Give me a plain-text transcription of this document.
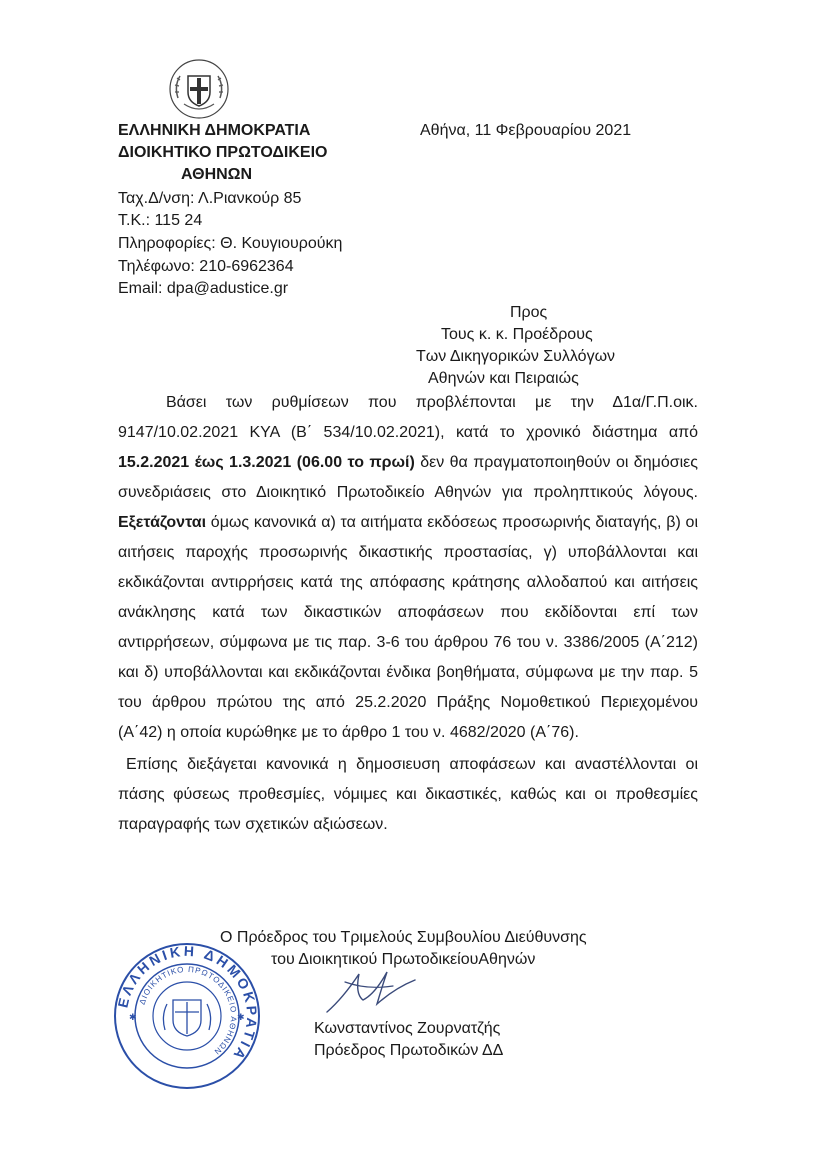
ΕΛΛΗΝΙΚΗ ΔΗΜΟΚΡΑΤΙΑ
ΔΙΟΙΚΗΤΙΚΟ ΠΡΩΤΟΔΙΚΕΙΟ
ΑΘΗΝΩΝ
Ταχ.Δ/νση: Λ.Ριανκούρ 85
Τ.Κ.: 115 24
Πληροφορίες: Θ. Κουγιουρούκη
Τηλέφωνο: 210-6962364
Email: dpa@adustice.gr
Αθήνα, 11 Φεβρουαρίου 2021
Προς
Τους κ. κ. Προέδρους
Των Δικηγορικών Συλλόγων
Αθηνών και Πειραιώς

Βάσει των ρυθμίσεων που προβλέπονται με την Δ1α/Γ.Π.οικ. 9147/10.02.2021 ΚΥΑ (Β΄ 534/10.02.2021), κατά το χρονικό διάστημα από 15.2.2021 έως 1.3.2021 (06.00 το πρωί) δεν θα πραγματοποιηθούν οι δημόσιες συνεδριάσεις στο Διοικητικό Πρωτοδικείο Αθηνών για προληπτικούς λόγους. Εξετάζονται όμως κανονικά α) τα αιτήματα εκδόσεως προσωρινής διαταγής, β) οι αιτήσεις παροχής προσωρινής δικαστικής προστασίας, γ) υποβάλλονται και εκδικάζονται αντιρρήσεις κατά της απόφασης κράτησης αλλοδαπού και αιτήσεις ανάκλησης κατά των δικαστικών αποφάσεων που εκδίδονται επί των αντιρρήσεων, σύμφωνα με τις παρ. 3-6 του άρθρου 76 του ν. 3386/2005 (Α΄212) και δ) υποβάλλονται και εκδικάζονται ένδικα βοηθήματα, σύμφωνα με την παρ. 5 του άρθρου πρώτου της από 25.2.2020 Πράξης Νομοθετικού Περιεχομένου (Α΄42) η οποία κυρώθηκε με το άρθρο 1 του ν. 4682/2020 (Α΄76).

Επίσης διεξάγεται κανονικά η δημοσιευση αποφάσεων και αναστέλλονται οι πάσης φύσεως προθεσμίες, νόμιμες και δικαστικές, καθώς και οι προθεσμίες παραγραφής των σχετικών αξιώσεων.

Ο Πρόεδρος του Τριμελούς Συμβουλίου Διεύθυνσης
του Διοικητικού ΠρωτοδικείουΑθηνών
Κωνσταντίνος Ζουρνατζής
Πρόεδρος Πρωτοδικών ΔΔ
ΕΛΛΗΝΙΚΗ ΔΗΜΟΚΡΑΤΙΑ
ΔΙΟΙΚΗΤΙΚΟ ΠΡΩΤΟΔΙΚΕΙΟ ΑΘΗΝΩΝ
✱	✱
